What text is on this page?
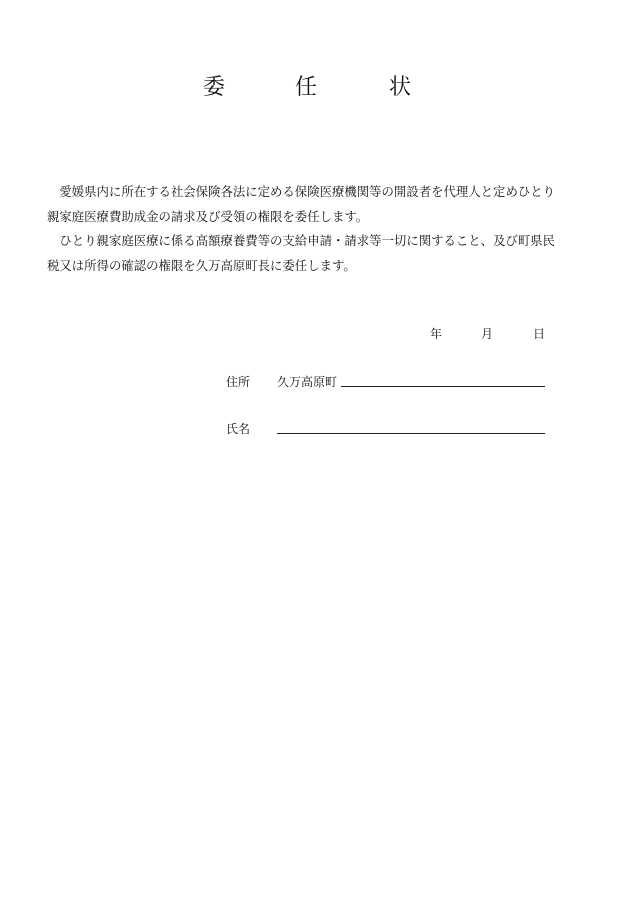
委	任	状

愛媛県内に所在する社会保険各法に定める保険医療機関等の開設者を代理人と定めひとり
親家庭医療費助成金の請求及び受領の権限を委任します。

ひとり親家庭医療に係る高額療養費等の支給申請・請求等一切に関すること、及び町県民
税又は所得の確認の権限を久万高原町長に委任します。

年	月	日
住所 久万高原町
氏名
